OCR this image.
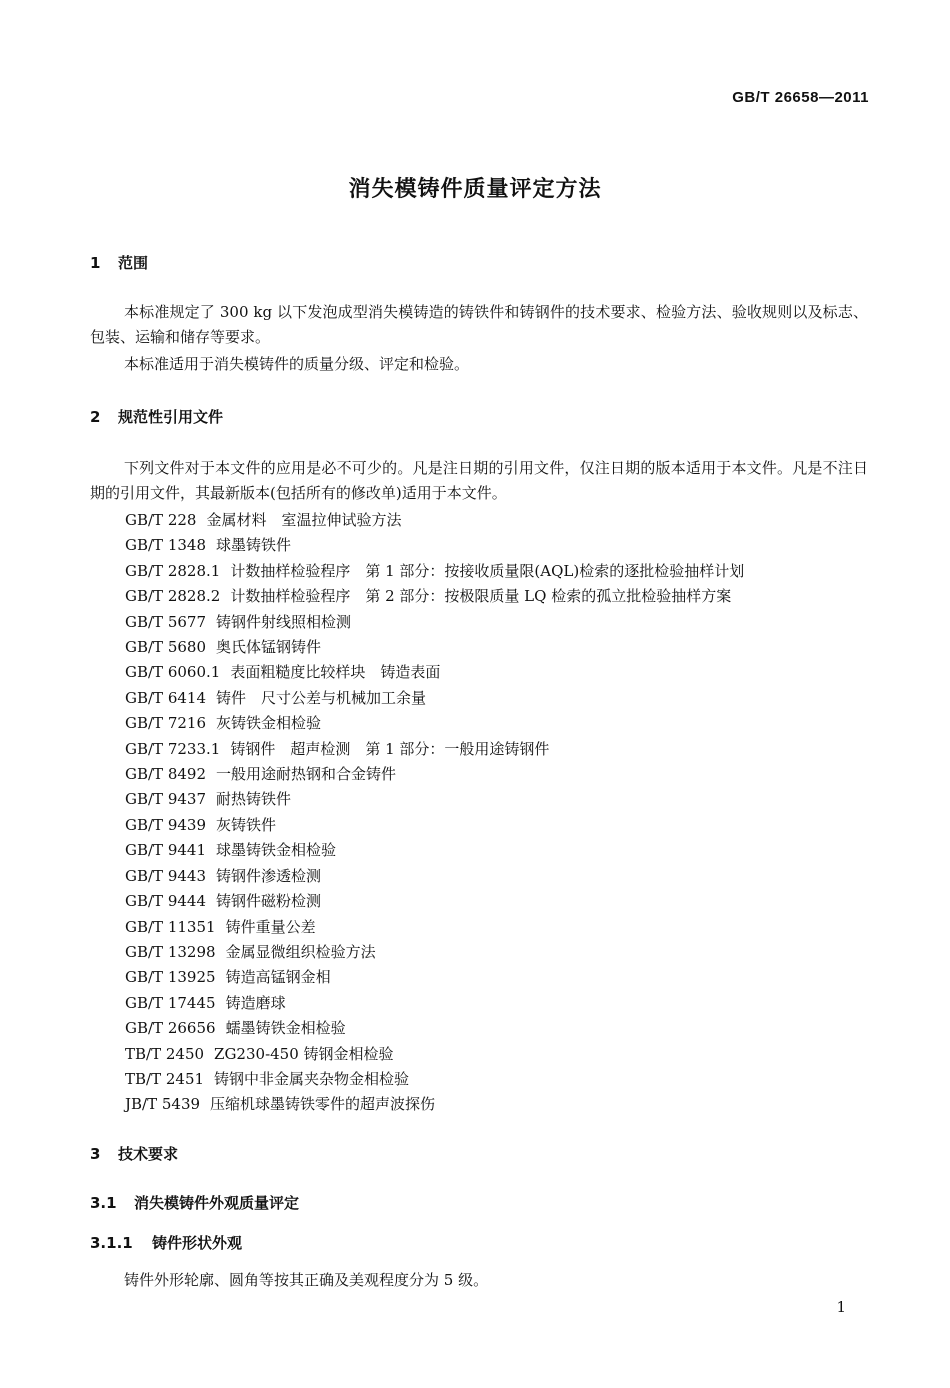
GB/T 26658—2011
消失模铸件质量评定方法
1 范围

本标准规定了 300 kg 以下发泡成型消失模铸造的铸铁件和铸钢件的技术要求、检验方法、验收规则以及标志、包装、运输和储存等要求。

本标准适用于消失模铸件的质量分级、评定和检验。

2 规范性引用文件

下列文件对于本文件的应用是必不可少的。凡是注日期的引用文件，仅注日期的版本适用于本文件。凡是不注日期的引用文件，其最新版本(包括所有的修改单)适用于本文件。

GB/T 228 金属材料　室温拉伸试验方法
GB/T 1348 球墨铸铁件
GB/T 2828.1 计数抽样检验程序　第 1 部分：按接收质量限(AQL)检索的逐批检验抽样计划
GB/T 2828.2 计数抽样检验程序　第 2 部分：按极限质量 LQ 检索的孤立批检验抽样方案
GB/T 5677 铸钢件射线照相检测
GB/T 5680 奥氏体锰钢铸件
GB/T 6060.1 表面粗糙度比较样块　铸造表面
GB/T 6414 铸件　尺寸公差与机械加工余量
GB/T 7216 灰铸铁金相检验
GB/T 7233.1 铸钢件　超声检测　第 1 部分：一般用途铸钢件
GB/T 8492 一般用途耐热钢和合金铸件
GB/T 9437 耐热铸铁件
GB/T 9439 灰铸铁件
GB/T 9441 球墨铸铁金相检验
GB/T 9443 铸钢件渗透检测
GB/T 9444 铸钢件磁粉检测
GB/T 11351 铸件重量公差
GB/T 13298 金属显微组织检验方法
GB/T 13925 铸造高锰钢金相
GB/T 17445 铸造磨球
GB/T 26656 蠕墨铸铁金相检验
TB/T 2450 ZG230-450 铸钢金相检验
TB/T 2451 铸钢中非金属夹杂物金相检验
JB/T 5439 压缩机球墨铸铁零件的超声波探伤
3 技术要求
3.1 消失模铸件外观质量评定
3.1.1 铸件形状外观

铸件外形轮廓、圆角等按其正确及美观程度分为 5 级。

1
